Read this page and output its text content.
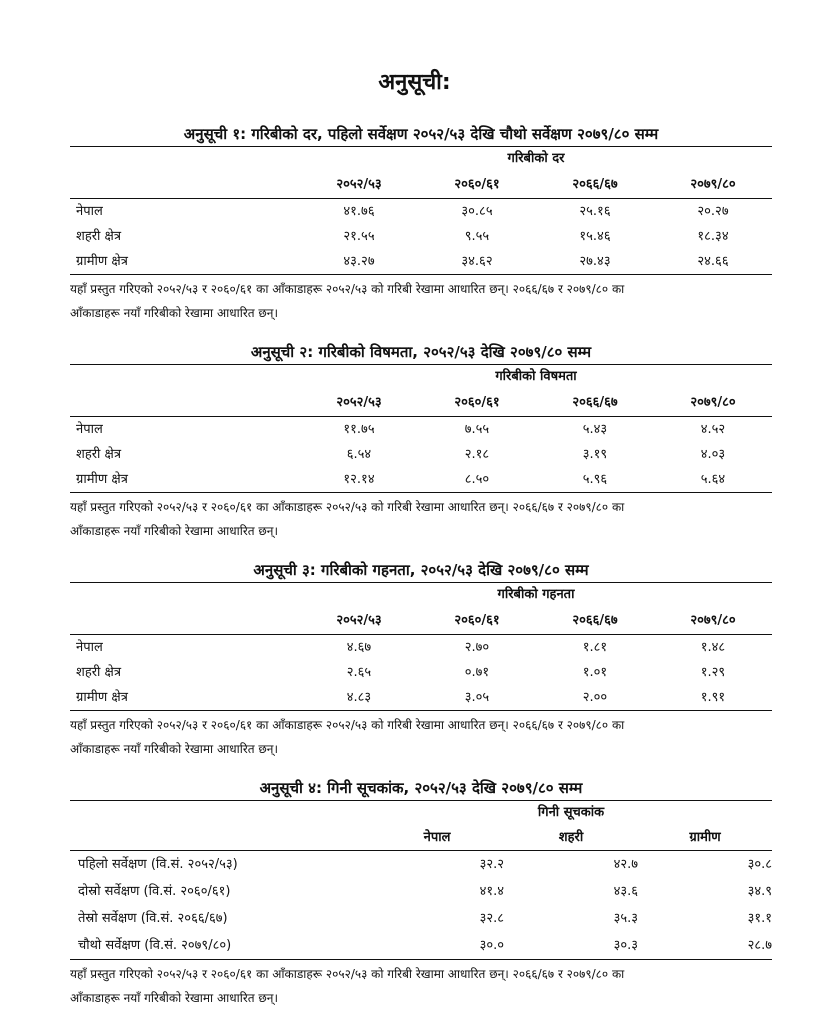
अनुसूची:
अनुसूची १: गरिबीको दर, पहिलो सर्वेक्षण २०५२/५३ देखि चौथो सर्वेक्षण २०७९/८० सम्म
गरिबीको दर
२०५२/५३	२०६०/६१	२०६६/६७	२०७९/८०
नेपाल	४१.७६	३०.८५	२५.१६	२०.२७
शहरी क्षेत्र	२१.५५	९.५५	१५.४६	१८.३४
ग्रामीण क्षेत्र	४३.२७	३४.६२	२७.४३	२४.६६
यहाँ प्रस्तुत गरिएको २०५२/५३ र २०६०/६१ का आँकाडाहरू २०५२/५३ को गरिबी रेखामा आधारित छन्। २०६६/६७ र २०७९/८० का
आँकाडाहरू नयाँ गरिबीको रेखामा आधारित छन्।
अनुसूची २: गरिबीको विषमता, २०५२/५३ देखि २०७९/८० सम्म
गरिबीको विषमता
२०५२/५३	२०६०/६१	२०६६/६७	२०७९/८०
नेपाल	११.७५	७.५५	५.४३	४.५२
शहरी क्षेत्र	६.५४	२.१८	३.१९	४.०३
ग्रामीण क्षेत्र	१२.१४	८.५०	५.९६	५.६४
यहाँ प्रस्तुत गरिएको २०५२/५३ र २०६०/६१ का आँकाडाहरू २०५२/५३ को गरिबी रेखामा आधारित छन्। २०६६/६७ र २०७९/८० का
आँकाडाहरू नयाँ गरिबीको रेखामा आधारित छन्।
अनुसूची ३: गरिबीको गहनता, २०५२/५३ देखि २०७९/८० सम्म
गरिबीको गहनता
२०५२/५३	२०६०/६१	२०६६/६७	२०७९/८०
नेपाल	४.६७	२.७०	१.८१	१.४८
शहरी क्षेत्र	२.६५	०.७१	१.०१	१.२९
ग्रामीण क्षेत्र	४.८३	३.०५	२.००	१.९१
यहाँ प्रस्तुत गरिएको २०५२/५३ र २०६०/६१ का आँकाडाहरू २०५२/५३ को गरिबी रेखामा आधारित छन्। २०६६/६७ र २०७९/८० का
आँकाडाहरू नयाँ गरिबीको रेखामा आधारित छन्।
अनुसूची ४: गिनी सूचकांक, २०५२/५३ देखि २०७९/८० सम्म
गिनी सूचकांक
नेपाल	शहरी	ग्रामीण
पहिलो सर्वेक्षण (वि.सं. २०५२/५३)	३२.२	४२.७	३०.८
दोस्रो सर्वेक्षण (वि.सं. २०६०/६१)	४१.४	४३.६	३४.९
तेस्रो सर्वेक्षण (वि.सं. २०६६/६७)	३२.८	३५.३	३१.१
चौथो सर्वेक्षण (वि.सं. २०७९/८०)	३०.०	३०.३	२८.७
यहाँ प्रस्तुत गरिएको २०५२/५३ र २०६०/६१ का आँकाडाहरू २०५२/५३ को गरिबी रेखामा आधारित छन्। २०६६/६७ र २०७९/८० का
आँकाडाहरू नयाँ गरिबीको रेखामा आधारित छन्।
